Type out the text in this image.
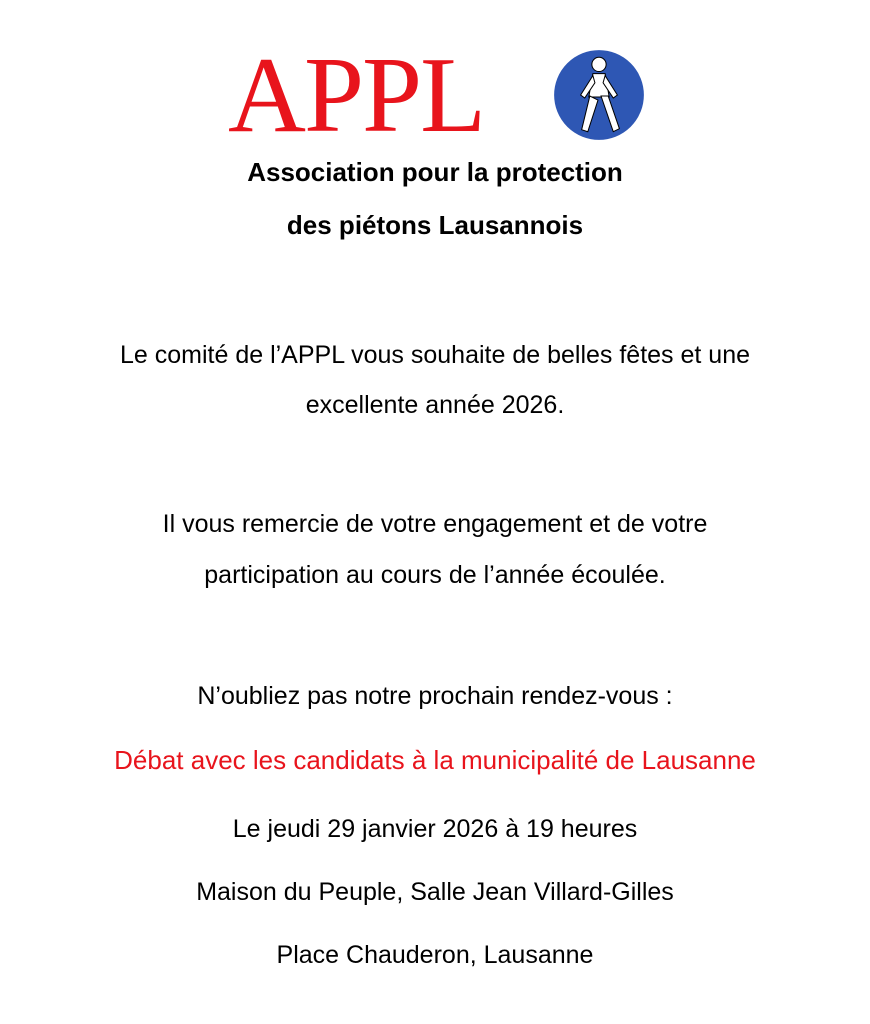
APPL
Association pour la protection
des piétons Lausannois
Le comité de l’APPL vous souhaite de belles fêtes et une
excellente année 2026.
Il vous remercie de votre engagement et de votre
participation au cours de l’année écoulée.
N’oubliez pas notre prochain rendez-vous :
Débat avec les candidats à la municipalité de Lausanne
Le jeudi 29 janvier 2026 à 19 heures
Maison du Peuple, Salle Jean Villard-Gilles
Place Chauderon, Lausanne
